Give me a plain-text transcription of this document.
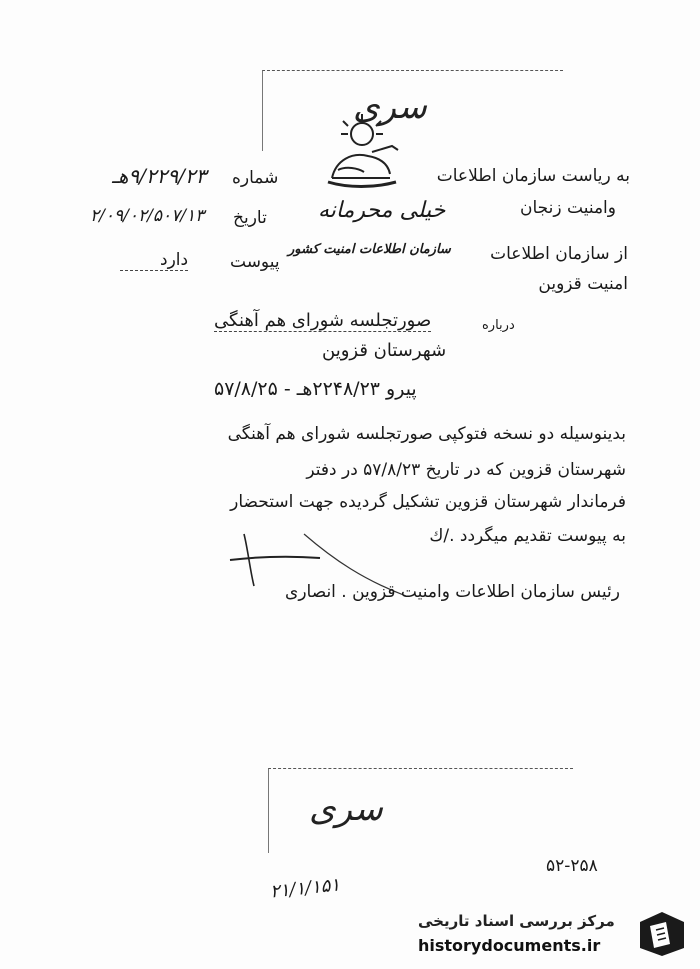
سری
شماره
۹/۲۲۹/۲۳هـ
تاریخ
۲/۰۹/۰۲/۵۰۷/۱۳
پیوست
دارد
به ریاست سازمان اطلاعات
وامنیت زنجان
خیلی محرمانه
از سازمان اطلاعات
سازمان اطلاعات امنیت کشور
امنیت قزوین
درباره
صورتجلسه شورای هم آهنگی
شهرستان قزوین
پیرو ۲۲۴۸/۲۳هـ - ۵۷/۸/۲۵
بدینوسیله دو نسخه فتوکپی صورتجلسه شورای هم آهنگی
شهرستان قزوین که در تاریخ ۵۷/۸/۲۳ در دفتر
فرماندار شهرستان قزوین تشکیل گردیده جهت استحضار
به پیوست تقدیم میگردد ./ك
رئیس سازمان اطلاعات وامنیت قزوین . انصاری
سری
۵۲-۲۵۸
۲۱/۱/۱۵۱
مرکز بررسی اسناد تاریخی
historydocuments.ir
